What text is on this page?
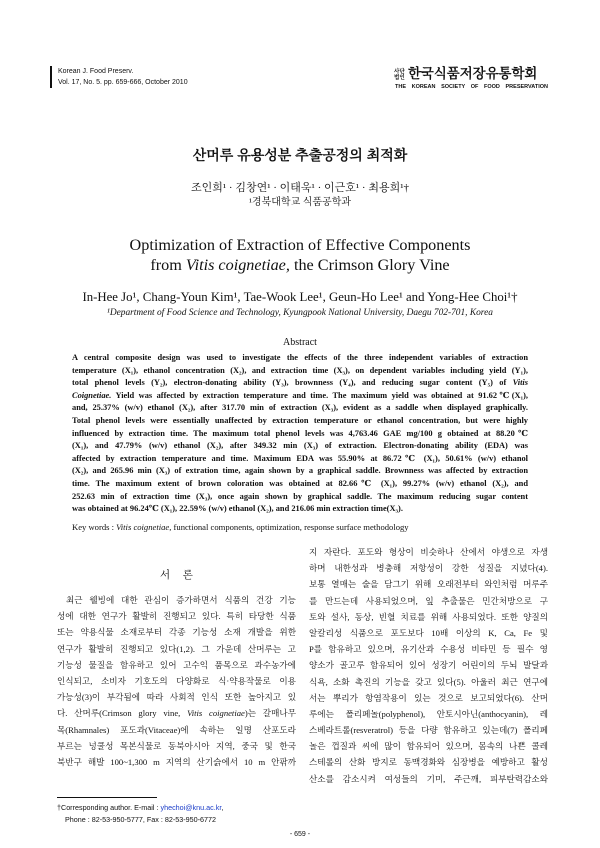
Korean J. Food Preserv.
Vol. 17, No. 5. pp. 659-666, October 2010
사단
법인 한국식품저장유통학회
THE KOREAN SOCIETY OF FOOD PRESERVATION
산머루 유용성분 추출공정의 최적화
조인희¹ · 김창연¹ · 이태욱¹ · 이근호¹ · 최용희¹†
¹경북대학교 식품공학과
Optimization of Extraction of Effective Components
from Vitis coignetiae, the Crimson Glory Vine
In-Hee Jo¹, Chang-Youn Kim¹, Tae-Wook Lee¹, Geun-Ho Lee¹ and Yong-Hee Choi¹†
¹Department of Food Science and Technology, Kyungpook National University, Daegu 702-701, Korea
Abstract
A central composite design was used to investigate the effects of the three independent variables of extraction
temperature (X₁), ethanol concentration (X₂), and extraction time (X₃), on dependent variables including yield (Y₁),
total phenol levels (Y₂), electron-donating ability (Y₃), brownness (Y₄), and reducing sugar content (Y₅) of Vitis
Coignetiae. Yield was affected by extraction temperature and time. The maximum yield was obtained at 91.62℃(X₁),
and, 25.37% (w/v) ethanol (X₂), after 317.70 min of extraction (X₃), evident as a saddle when displayed graphically.
Total phenol levels were essentially unaffected by extraction temperature or ethanol concentration, but were highly
influenced by extraction time. The maximum total phenol levels was 4,763.46 GAE mg/100 g obtained at 88.20℃
(X₁), and 47.79% (w/v) ethanol (X₂), after 349.32 min (X₃) of extraction. Electron-donating ability (EDA) was
affected by extraction temperature and time. Maximum EDA was 55.90% at 86.72℃ (X₁), 50.61% (w/v) ethanol
(X₂), and 265.96 min (X₃) of extration time, again shown by a graphical saddle. Brownness was affected by extraction
time. The maximum extent of brown coloration was obtained at 82.66℃ (X₁), 99.27% (w/v) ethanol (X₂), and
252.63 min of extraction time (X₃), once again shown by graphical saddle. The maximum reducing sugar content
was obtained at 96.24℃ (X₁), 22.59% (w/v) ethanol (X₂), and 216.06 min extraction time(X₃).
Key words : Vitis coignetiae, functional components, optimization, response surface methodology
서 론
최근 웰빙에 대한 관심이 증가하면서 식품의 건강 기능
성에 대한 연구가 활발히 진행되고 있다. 특히 타당한 식품
또는 약용식물 소재로부터 각종 기능성 소재 개발을 위한
연구가 활발히 진행되고 있다(1,2). 그 가운데 산머루는 고
기능성 물질을 함유하고 있어 고수익 품목으로 과수농가에
인식되고, 소비자 기호도의 다양화로 식·약용작물로 이용
가능성(3)이 부각됨에 따라 사회적 인식 또한 높아지고 있
다. 산머루(Crimson glory vine, Vitis coignetiae)는 갈매나무
목(Rhamnales) 포도과(Vitaceae)에 속하는 일명 산포도라
부르는 넝쿨성 목본식물로 동북아시아 지역, 중국 및 한국
북반구 해발 100~1,300 m 지역의 산기슭에서 10 m 안팎까
지 자란다. 포도와 형상이 비슷하나 산에서 야생으로 자생
하며 내한성과 병충해 저항성이 강한 성질을 지녔다(4).
보통 열매는 술을 담그기 위해 오래전부터 와인처럼 머루주
를 만드는데 사용되었으며, 잎 추출물은 민간처방으로 구
토와 설사, 동상, 빈혈 치료를 위해 사용되었다. 또한 양질의
알칼리성 식품으로 포도보다 10배 이상의 K, Ca, Fe 및
P를 함유하고 있으며, 유기산과 수용성 비타민 등 필수 영
양소가 골고루 함유되어 있어 성장기 어린이의 두뇌 발달과
식욕, 소화 촉진의 기능을 갖고 있다(5). 아울러 최근 연구에
서는 뿌리가 항염작용이 있는 것으로 보고되었다(6). 산머
루에는 폴리페놀(polyphenol), 안토시아닌(anthocyanin), 레
스베라트롤(resveratrol) 등을 다량 함유하고 있는데(7) 폴리페
놀은 껍질과 씨에 많이 함유되어 있으며, 몸속의 나쁜 콜레
스테롤의 산화 방지로 동맥경화와 심장병을 예방하고 활성
산소를 감소시켜 여성들의 기미, 주근깨, 피부탄력감소와
†Corresponding author. E-mail : yhechoi@knu.ac.kr,
Phone : 82-53-950-5777, Fax : 82-53-950-6772
- 659 -
